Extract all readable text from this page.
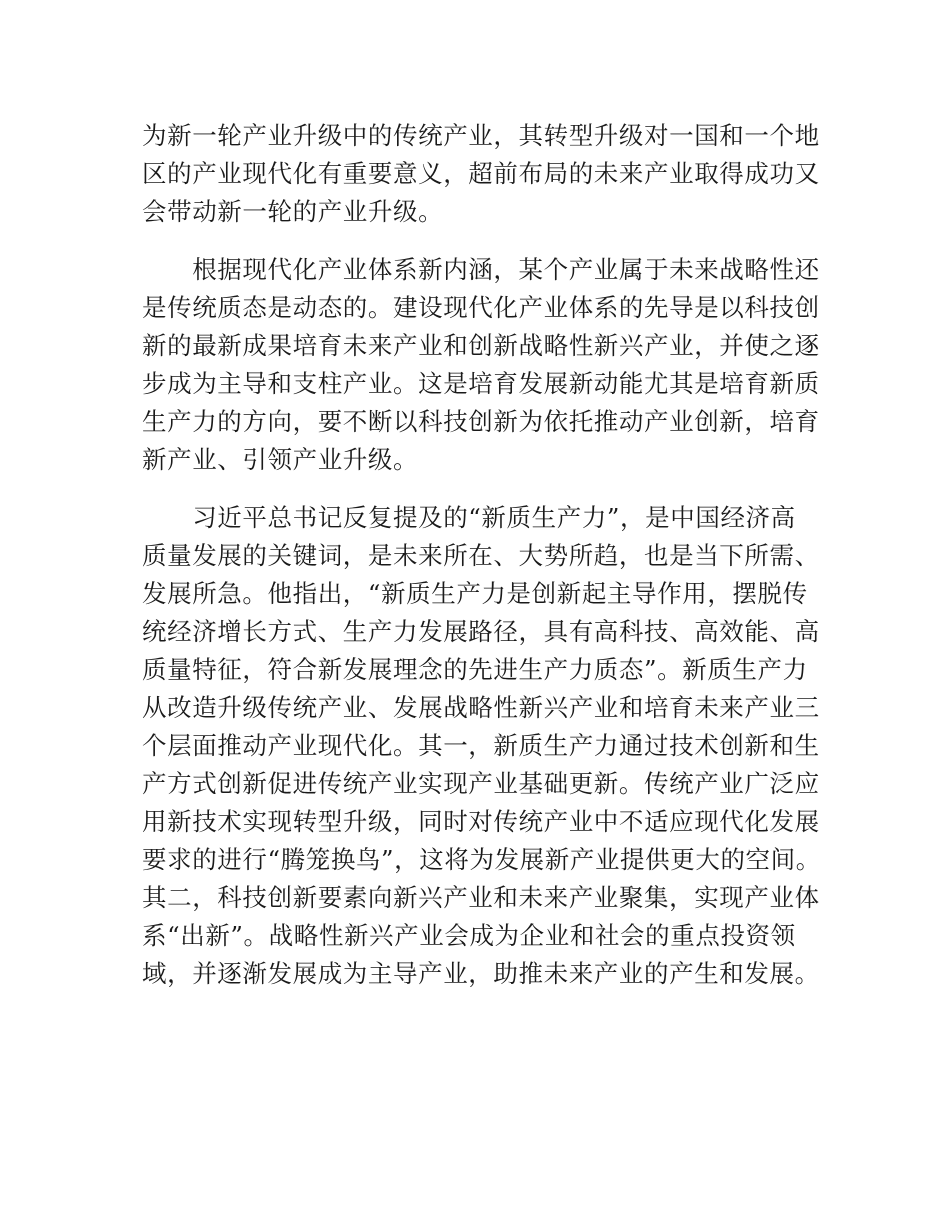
为新一轮产业升级中的传统产业，其转型升级对一国和一个地
区的产业现代化有重要意义，超前布局的未来产业取得成功又
会带动新一轮的产业升级。

　　根据现代化产业体系新内涵，某个产业属于未来战略性还
是传统质态是动态的。建设现代化产业体系的先导是以科技创
新的最新成果培育未来产业和创新战略性新兴产业，并使之逐
步成为主导和支柱产业。这是培育发展新动能尤其是培育新质
生产力的方向，要不断以科技创新为依托推动产业创新，培育
新产业、引领产业升级。

　　习近平总书记反复提及的“新质生产力”，是中国经济高
质量发展的关键词，是未来所在、大势所趋，也是当下所需、
发展所急。他指出，“新质生产力是创新起主导作用，摆脱传
统经济增长方式、生产力发展路径，具有高科技、高效能、高
质量特征，符合新发展理念的先进生产力质态”。新质生产力
从改造升级传统产业、发展战略性新兴产业和培育未来产业三
个层面推动产业现代化。其一，新质生产力通过技术创新和生
产方式创新促进传统产业实现产业基础更新。传统产业广泛应
用新技术实现转型升级，同时对传统产业中不适应现代化发展
要求的进行“腾笼换鸟”，这将为发展新产业提供更大的空间。
其二，科技创新要素向新兴产业和未来产业聚集，实现产业体
系“出新”。战略性新兴产业会成为企业和社会的重点投资领
域，并逐渐发展成为主导产业，助推未来产业的产生和发展。
